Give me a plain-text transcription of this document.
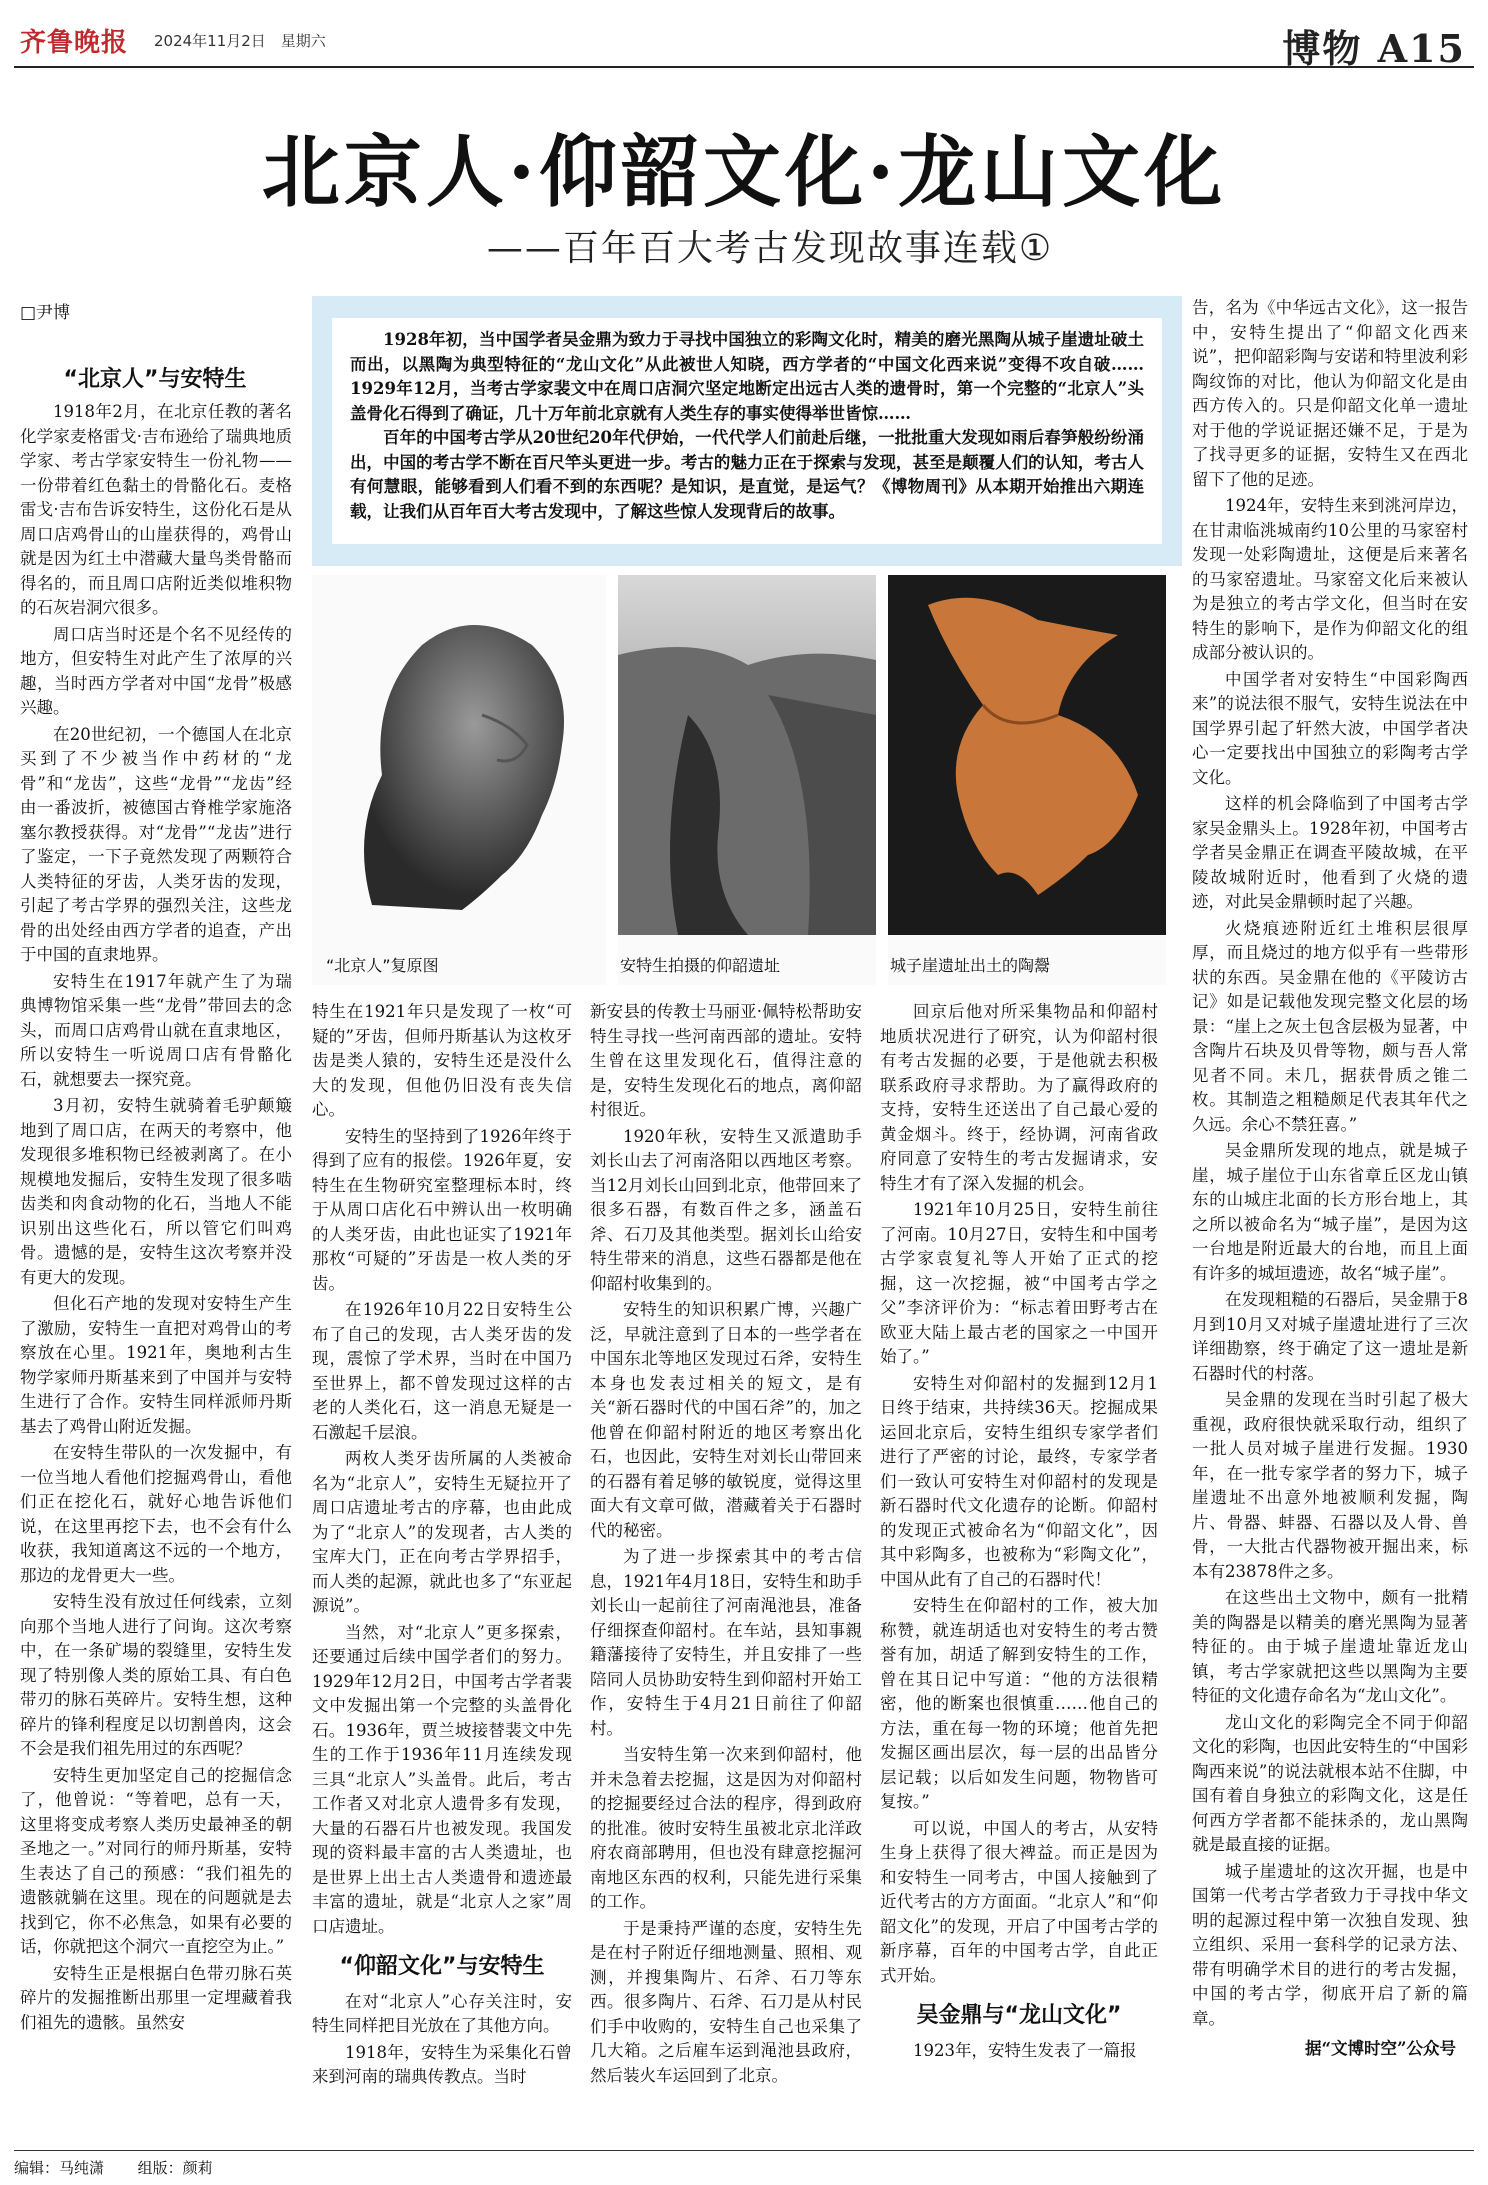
齐鲁晚报 2024年11月2日　星期六	博物 A15
北京人·仰韶文化·龙山文化
——百年百大考古发现故事连载①
□尹博

1928年初，当中国学者吴金鼎为致力于寻找中国独立的彩陶文化时，精美的磨光黑陶从城子崖遗址破土而出，以黑陶为典型特征的“龙山文化”从此被世人知晓，西方学者的“中国文化西来说”变得不攻自破……1929年12月，当考古学家裴文中在周口店洞穴坚定地断定出远古人类的遗骨时，第一个完整的“北京人”头盖骨化石得到了确证，几十万年前北京就有人类生存的事实使得举世皆惊……

百年的中国考古学从20世纪20年代伊始，一代代学人们前赴后继，一批批重大发现如雨后春笋般纷纷涌出，中国的考古学不断在百尺竿头更进一步。考古的魅力正在于探索与发现，甚至是颠覆人们的认知，考古人有何慧眼，能够看到人们看不到的东西呢？是知识，是直觉，是运气？《博物周刊》从本期开始推出六期连载，让我们从百年百大考古发现中，了解这些惊人发现背后的故事。

“北京人”复原图	安特生拍摄的仰韶遗址	城子崖遗址出土的陶鬶
“北京人”与安特生

1918年2月，在北京任教的著名化学家麦格雷戈·吉布逊给了瑞典地质学家、考古学家安特生一份礼物——一份带着红色黏土的骨骼化石。麦格雷戈·吉布告诉安特生，这份化石是从周口店鸡骨山的山崖获得的，鸡骨山就是因为红土中潜藏大量鸟类骨骼而得名的，而且周口店附近类似堆积物的石灰岩洞穴很多。

周口店当时还是个名不见经传的地方，但安特生对此产生了浓厚的兴趣，当时西方学者对中国“龙骨”极感兴趣。

在20世纪初，一个德国人在北京买到了不少被当作中药材的“龙骨”和“龙齿”，这些“龙骨”“龙齿”经由一番波折，被德国古脊椎学家施洛塞尔教授获得。对“龙骨”“龙齿”进行了鉴定，一下子竟然发现了两颗符合人类特征的牙齿，人类牙齿的发现，引起了考古学界的强烈关注，这些龙骨的出处经由西方学者的追查，产出于中国的直隶地界。

安特生在1917年就产生了为瑞典博物馆采集一些“龙骨”带回去的念头，而周口店鸡骨山就在直隶地区，所以安特生一听说周口店有骨骼化石，就想要去一探究竟。

3月初，安特生就骑着毛驴颠簸地到了周口店，在两天的考察中，他发现很多堆积物已经被剥离了。在小规模地发掘后，安特生发现了很多啮齿类和肉食动物的化石，当地人不能识别出这些化石，所以管它们叫鸡骨。遗憾的是，安特生这次考察并没有更大的发现。

但化石产地的发现对安特生产生了激励，安特生一直把对鸡骨山的考察放在心里。1921年，奥地利古生物学家师丹斯基来到了中国并与安特生进行了合作。安特生同样派师丹斯基去了鸡骨山附近发掘。

在安特生带队的一次发掘中，有一位当地人看他们挖掘鸡骨山，看他们正在挖化石，就好心地告诉他们说，在这里再挖下去，也不会有什么收获，我知道离这不远的一个地方，那边的龙骨更大一些。

安特生没有放过任何线索，立刻向那个当地人进行了问询。这次考察中，在一条矿場的裂缝里，安特生发现了特别像人类的原始工具、有白色带刃的脉石英碎片。安特生想，这种碎片的锋利程度足以切割兽肉，这会不会是我们祖先用过的东西呢？

安特生更加坚定自己的挖掘信念了，他曾说：“等着吧，总有一天，这里将变成考察人类历史最神圣的朝圣地之一。”对同行的师丹斯基，安特生表达了自己的预感：“我们祖先的遗骸就躺在这里。现在的问题就是去找到它，你不必焦急，如果有必要的话，你就把这个洞穴一直挖空为止。”

安特生正是根据白色带刃脉石英碎片的发掘推断出那里一定埋藏着我们祖先的遗骸。虽然安

特生在1921年只是发现了一枚“可疑的”牙齿，但师丹斯基认为这枚牙齿是类人猿的，安特生还是没什么大的发现，但他仍旧没有丧失信心。

安特生的坚持到了1926年终于得到了应有的报偿。1926年夏，安特生在生物研究室整理标本时，终于从周口店化石中辨认出一枚明确的人类牙齿，由此也证实了1921年那枚“可疑的”牙齿是一枚人类的牙齿。

在1926年10月22日安特生公布了自己的发现，古人类牙齿的发现，震惊了学术界，当时在中国乃至世界上，都不曾发现过这样的古老的人类化石，这一消息无疑是一石激起千层浪。

两枚人类牙齿所属的人类被命名为“北京人”，安特生无疑拉开了周口店遗址考古的序幕，也由此成为了“北京人”的发现者，古人类的宝库大门，正在向考古学界招手，而人类的起源，就此也多了“东亚起源说”。

当然，对“北京人”更多探索，还要通过后续中国学者们的努力。1929年12月2日，中国考古学者裴文中发掘出第一个完整的头盖骨化石。1936年，贾兰坡接替裴文中先生的工作于1936年11月连续发现三具“北京人”头盖骨。此后，考古工作者又对北京人遗骨多有发现，大量的石器石片也被发现。我国发现的资料最丰富的古人类遗址，也是世界上出土古人类遗骨和遗迹最丰富的遗址，就是“北京人之家”周口店遗址。

“仰韶文化”与安特生

在对“北京人”心存关注时，安特生同样把目光放在了其他方向。

1918年，安特生为采集化石曾来到河南的瑞典传教点。当时

新安县的传教士马丽亚·佩特松帮助安特生寻找一些河南西部的遗址。安特生曾在这里发现化石，值得注意的是，安特生发现化石的地点，离仰韶村很近。

1920年秋，安特生又派遣助手刘长山去了河南洛阳以西地区考察。当12月刘长山回到北京，他带回来了很多石器，有数百件之多，涵盖石斧、石刀及其他类型。据刘长山给安特生带来的消息，这些石器都是他在仰韶村收集到的。

安特生的知识积累广博，兴趣广泛，早就注意到了日本的一些学者在中国东北等地区发现过石斧，安特生本身也发表过相关的短文，是有关“新石器时代的中国石斧”的，加之他曾在仰韶村附近的地区考察出化石，也因此，安特生对刘长山带回来的石器有着足够的敏锐度，觉得这里面大有文章可做，潜藏着关于石器时代的秘密。

为了进一步探索其中的考古信息，1921年4月18日，安特生和助手刘长山一起前往了河南渑池县，准备仔细探查仰韶村。在车站，县知事親籍藩接待了安特生，并且安排了一些陪同人员协助安特生到仰韶村开始工作，安特生于4月21日前往了仰韶村。

当安特生第一次来到仰韶村，他并未急着去挖掘，这是因为对仰韶村的挖掘要经过合法的程序，得到政府的批准。彼时安特生虽被北京北洋政府农商部聘用，但也没有肆意挖掘河南地区东西的权利，只能先进行采集的工作。

于是秉持严谨的态度，安特生先是在村子附近仔细地测量、照相、观测，并搜集陶片、石斧、石刀等东西。很多陶片、石斧、石刀是从村民们手中收购的，安特生自己也采集了几大箱。之后雇车运到渑池县政府，然后装火车运回到了北京。

回京后他对所采集物品和仰韶村地质状况进行了研究，认为仰韶村很有考古发掘的必要，于是他就去积极联系政府寻求帮助。为了赢得政府的支持，安特生还送出了自己最心爱的黄金烟斗。终于，经协调，河南省政府同意了安特生的考古发掘请求，安特生才有了深入发掘的机会。

1921年10月25日，安特生前往了河南。10月27日，安特生和中国考古学家袁复礼等人开始了正式的挖掘，这一次挖掘，被“中国考古学之父”李济评价为：“标志着田野考古在欧亚大陆上最古老的国家之一中国开始了。”

安特生对仰韶村的发掘到12月1日终于结束，共持续36天。挖掘成果运回北京后，安特生组织专家学者们进行了严密的讨论，最终，专家学者们一致认可安特生对仰韶村的发现是新石器时代文化遗存的论断。仰韶村的发现正式被命名为“仰韶文化”，因其中彩陶多，也被称为“彩陶文化”，中国从此有了自己的石器时代！

安特生在仰韶村的工作，被大加称赞，就连胡适也对安特生的考古赞誉有加，胡适了解到安特生的工作，曾在其日记中写道：“他的方法很精密，他的断案也很慎重……他自己的方法，重在每一物的环境；他首先把发掘区画出层次，每一层的出品皆分层记载；以后如发生问题，物物皆可复按。”

可以说，中国人的考古，从安特生身上获得了很大裨益。而正是因为和安特生一同考古，中国人接触到了近代考古的方方面面。“北京人”和“仰韶文化”的发现，开启了中国考古学的新序幕，百年的中国考古学，自此正式开始。

吴金鼎与“龙山文化”

1923年，安特生发表了一篇报

告，名为《中华远古文化》，这一报告中，安特生提出了“仰韶文化西来说”，把仰韶彩陶与安诺和特里波利彩陶纹饰的对比，他认为仰韶文化是由西方传入的。只是仰韶文化单一遗址对于他的学说证据还嫌不足，于是为了找寻更多的证据，安特生又在西北留下了他的足迹。

1924年，安特生来到洮河岸边，在甘肃临洮城南约10公里的马家窑村发现一处彩陶遗址，这便是后来著名的马家窑遗址。马家窑文化后来被认为是独立的考古学文化，但当时在安特生的影响下，是作为仰韶文化的组成部分被认识的。

中国学者对安特生“中国彩陶西来”的说法很不服气，安特生说法在中国学界引起了轩然大波，中国学者决心一定要找出中国独立的彩陶考古学文化。

这样的机会降临到了中国考古学家吴金鼎头上。1928年初，中国考古学者吴金鼎正在调查平陵故城，在平陵故城附近时，他看到了火烧的遗迹，对此吴金鼎顿时起了兴趣。

火烧痕迹附近红土堆积层很厚厚，而且烧过的地方似乎有一些带形状的东西。吴金鼎在他的《平陵访古记》如是记载他发现完整文化层的场景：“崖上之灰土包含层极为显著，中含陶片石块及贝骨等物，颇与吾人常见者不同。未几，据获骨质之锥二枚。其制造之粗糙颇足代表其年代之久远。余心不禁狂喜。”

吴金鼎所发现的地点，就是城子崖，城子崖位于山东省章丘区龙山镇东的山城庄北面的长方形台地上，其之所以被命名为“城子崖”，是因为这一台地是附近最大的台地，而且上面有许多的城垣遗迹，故名“城子崖”。

在发现粗糙的石器后，吴金鼎于8月到10月又对城子崖遗址进行了三次详细勘察，终于确定了这一遗址是新石器时代的村落。

吴金鼎的发现在当时引起了极大重视，政府很快就采取行动，组织了一批人员对城子崖进行发掘。1930年，在一批专家学者的努力下，城子崖遗址不出意外地被顺利发掘，陶片、骨器、蚌器、石器以及人骨、兽骨，一大批古代器物被开掘出来，标本有23878件之多。

在这些出土文物中，颇有一批精美的陶器是以精美的磨光黑陶为显著特征的。由于城子崖遗址靠近龙山镇，考古学家就把这些以黑陶为主要特征的文化遗存命名为“龙山文化”。

龙山文化的彩陶完全不同于仰韶文化的彩陶，也因此安特生的“中国彩陶西来说”的说法就根本站不住脚，中国有着自身独立的彩陶文化，这是任何西方学者都不能抹杀的，龙山黑陶就是最直接的证据。

城子崖遗址的这次开掘，也是中国第一代考古学者致力于寻找中华文明的起源过程中第一次独自发现、独立组织、采用一套科学的记录方法、带有明确学术目的进行的考古发掘，中国的考古学，彻底开启了新的篇章。

据“文博时空”公众号
编辑：马纯潇 组版：颜莉
